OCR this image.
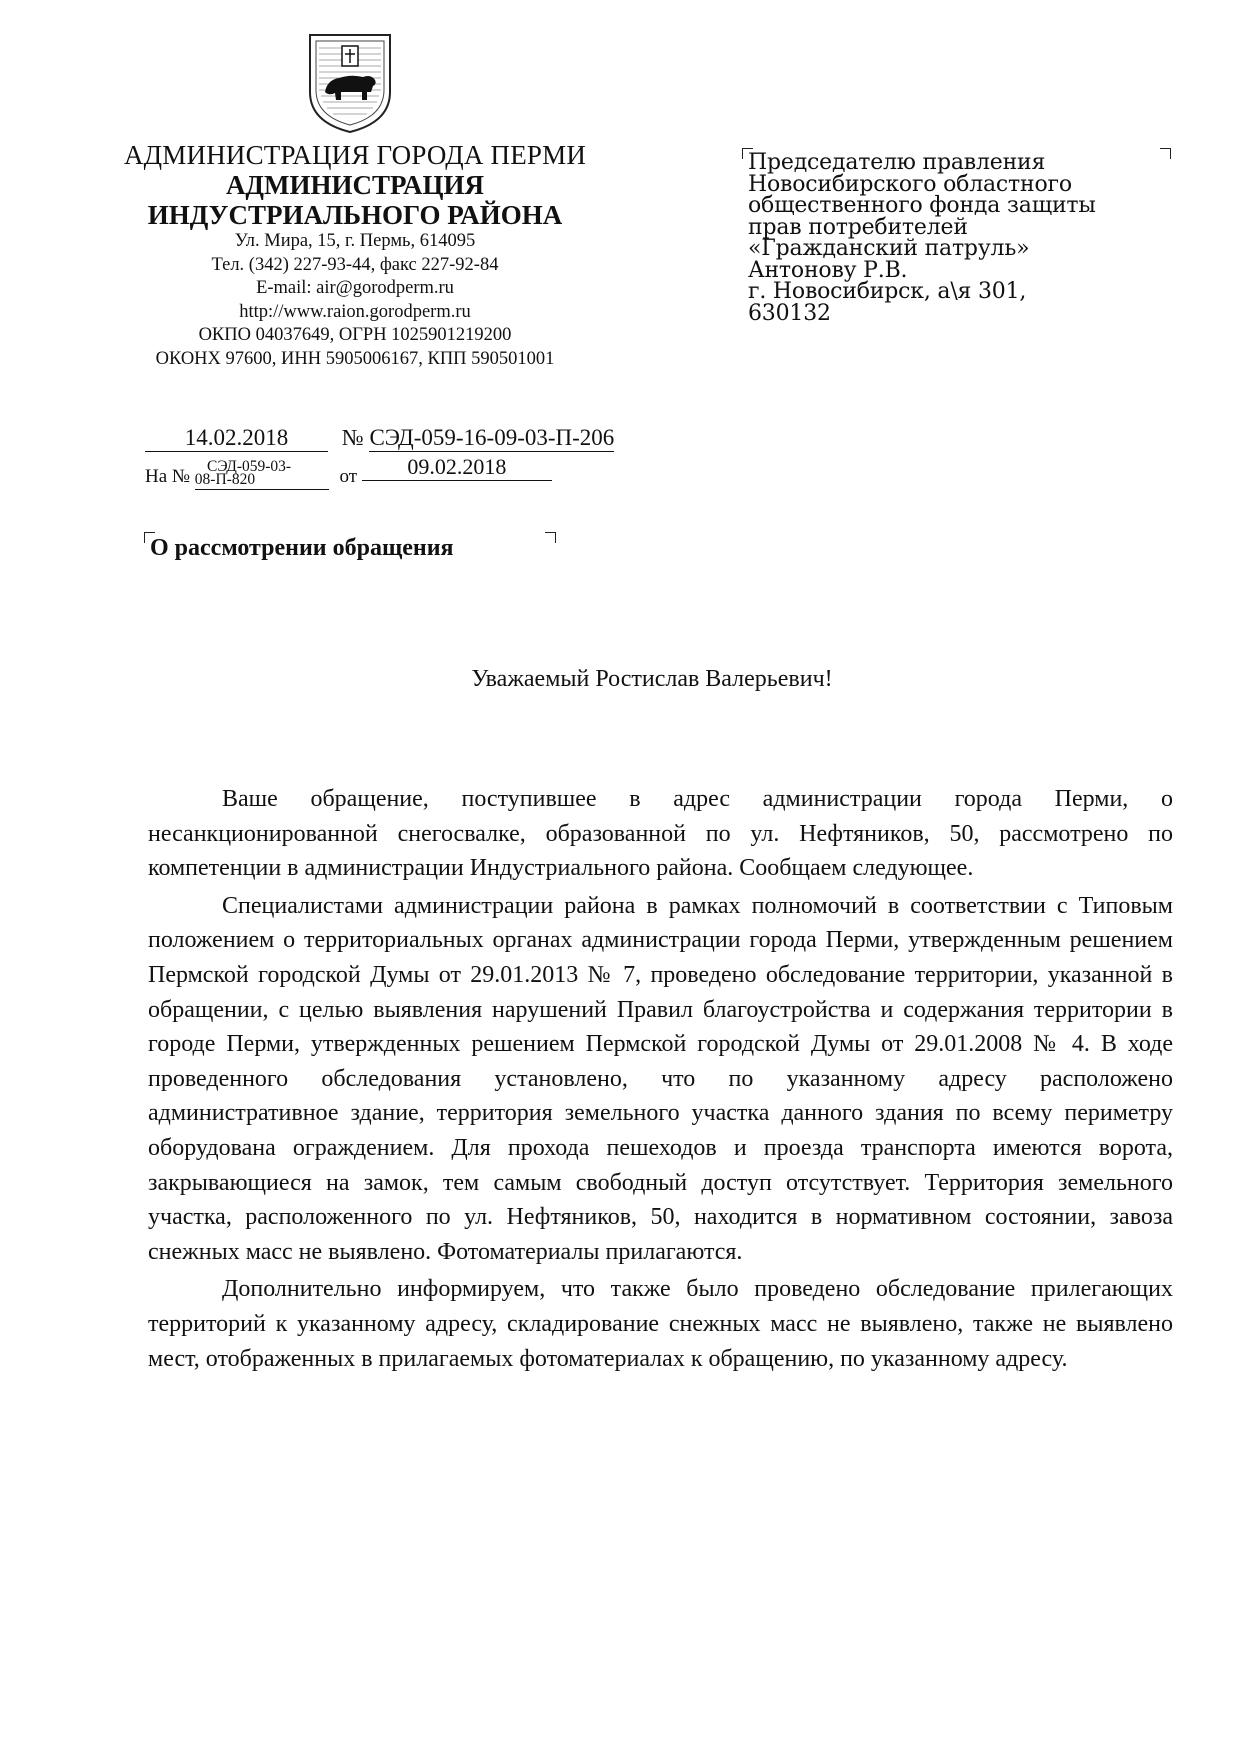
АДМИНИСТРАЦИЯ ГОРОДА ПЕРМИ
АДМИНИСТРАЦИЯ
ИНДУСТРИАЛЬНОГО РАЙОНА
Ул. Мира, 15, г. Пермь, 614095
Тел. (342) 227-93-44, факс 227-92-84
E-mail: air@gorodperm.ru
http://www.raion.gorodperm.ru
ОКПО 04037649, ОГРН 1025901219200
ОКОНХ 97600, ИНН 5905006167, КПП 590501001
Председателю правления
Новосибирского областного
общественного фонда защиты
прав потребителей
«Гражданский патруль»
Антонову Р.В.
г. Новосибирск, а\я 301,
630132
14.02.2018 № СЭД-059-16-09-03-П-206
СЭД-059-03-
На № 08-П-820	от 09.02.2018
О рассмотрении обращения
Уважаемый Ростислав Валерьевич!

Ваше обращение, поступившее в адрес администрации города Перми, о несанкционированной снегосвалке, образованной по ул. Нефтяников, 50, рассмотрено по компетенции в администрации Индустриального района. Сообщаем следующее.

Специалистами администрации района в рамках полномочий в соответствии с Типовым положением о территориальных органах администрации города Перми, утвержденным решением Пермской городской Думы от 29.01.2013 № 7, проведено обследование территории, указанной в обращении, с целью выявления нарушений Правил благоустройства и содержания территории в городе Перми, утвержденных решением Пермской городской Думы от 29.01.2008 № 4. В ходе проведенного обследования установлено, что по указанному адресу расположено административное здание, территория земельного участка данного здания по всему периметру оборудована ограждением. Для прохода пешеходов и проезда транспорта имеются ворота, закрывающиеся на замок, тем самым свободный доступ отсутствует. Территория земельного участка, расположенного по ул. Нефтяников, 50, находится в нормативном состоянии, завоза снежных масс не выявлено. Фотоматериалы прилагаются.

Дополнительно информируем, что также было проведено обследование прилегающих территорий к указанному адресу, складирование снежных масс не выявлено, также не выявлено мест, отображенных в прилагаемых фотоматериалах к обращению, по указанному адресу.
